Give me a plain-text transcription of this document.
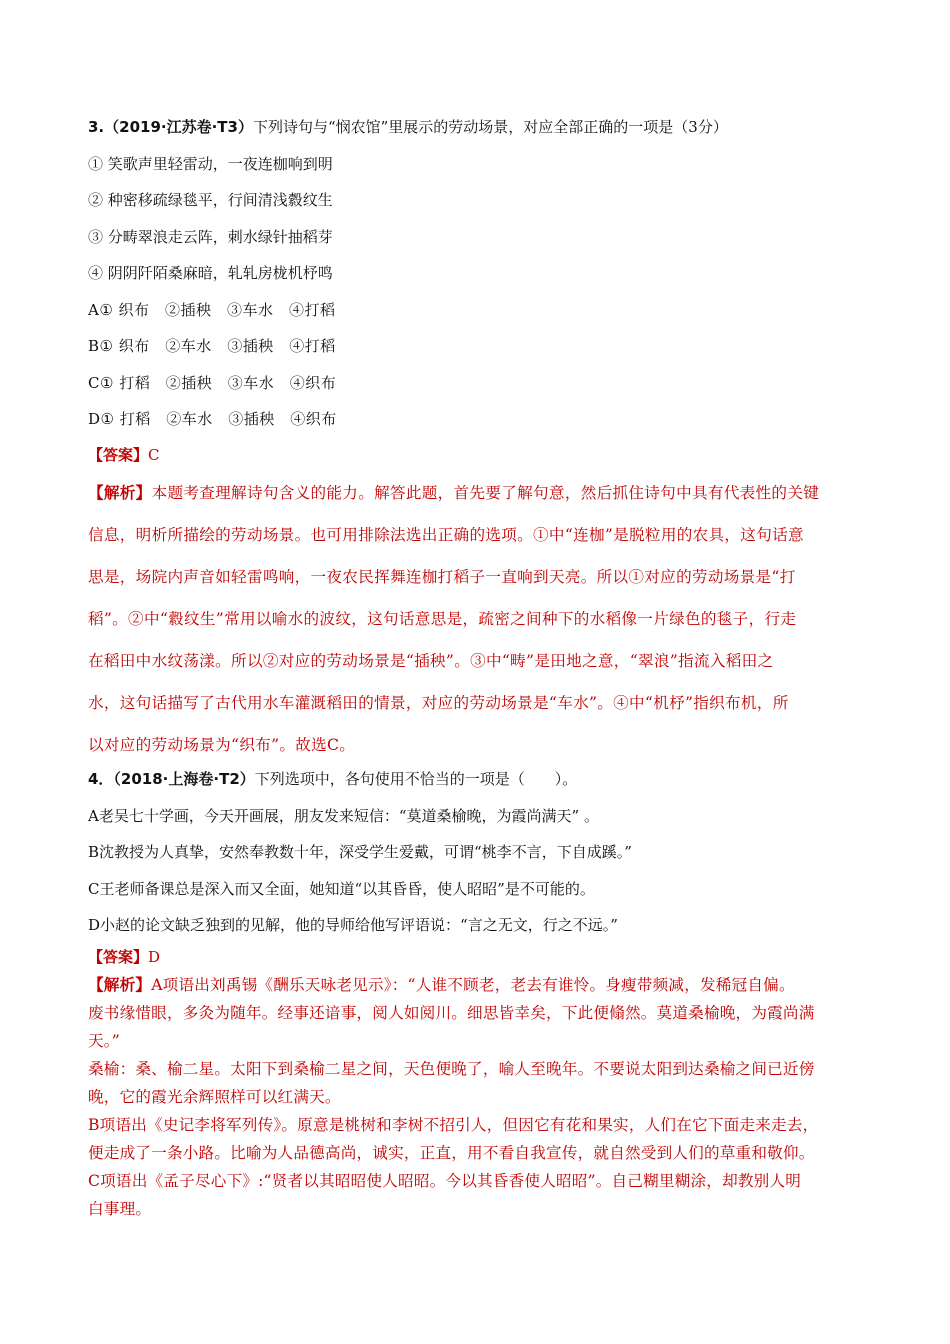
3.（2019·江苏卷·T3）下列诗句与“悯农馆”里展示的劳动场景，对应全部正确的一项是（3分）
① 笑歌声里轻雷动，一夜连枷响到明
② 种密移疏绿毯平，行间清浅縠纹生
③ 分畴翠浪走云阵，刺水绿针抽稻芽
④ 阴阴阡陌桑麻暗，轧轧房栊机杼鸣
A① 织布　②插秧　③车水　④打稻
B① 织布　②车水　③插秧　④打稻
C① 打稻　②插秧　③车水　④织布
D① 打稻　②车水　③插秧　④织布
【答案】C
【解析】本题考查理解诗句含义的能力。解答此题，首先要了解句意，然后抓住诗句中具有代表性的关键
信息，明析所描绘的劳动场景。也可用排除法选出正确的选项。①中“连枷”是脱粒用的农具，这句话意
思是，场院内声音如轻雷鸣响，一夜农民挥舞连枷打稻子一直响到天亮。所以①对应的劳动场景是“打
稻”。②中“縠纹生”常用以喻水的波纹，这句话意思是，疏密之间种下的水稻像一片绿色的毯子，行走
在稻田中水纹荡漾。所以②对应的劳动场景是“插秧”。③中“畴”是田地之意，“翠浪”指流入稻田之
水，这句话描写了古代用水车灌溉稻田的情景，对应的劳动场景是“车水”。④中“机杼”指织布机，所
以对应的劳动场景为“织布”。故选C。
4．（2018·上海卷·T2）下列选项中，各句使用不恰当的一项是（　　）。
A老吴七十学画，今天开画展，朋友发来短信：“莫道桑榆晚，为霞尚满天” 。
B沈教授为人真挚，安然奉教数十年，深受学生爱戴，可谓“桃李不言，下自成蹊。”
C王老师备课总是深入而又全面，她知道“以其昏昏，使人昭昭”是不可能的。
D小赵的论文缺乏独到的见解，他的导师给他写评语说：“言之无文，行之不远。”
【答案】D
【解析】A项语出刘禹锡《酬乐天咏老见示》：“人谁不顾老，老去有谁怜。身瘦带频减，发稀冠自偏。
废书缘惜眼，多灸为随年。经事还谙事，阅人如阅川。细思皆幸矣，下此便翛然。莫道桑榆晚，为霞尚满
天。”
桑榆：桑、榆二星。太阳下到桑榆二星之间，天色便晚了，喻人至晚年。不要说太阳到达桑榆之间已近傍
晚，它的霞光余辉照样可以红满天。
B项语出《史记李将军列传》。原意是桃树和李树不招引人，但因它有花和果实，人们在它下面走来走去，
便走成了一条小路。比喻为人品德高尚，诚实，正直，用不看自我宣传，就自然受到人们的草重和敬仰。
C项语出《孟子尽心下》:“贤者以其昭昭使人昭昭。今以其昏香使人昭昭”。自己糊里糊涂，却教别人明
白事理。
